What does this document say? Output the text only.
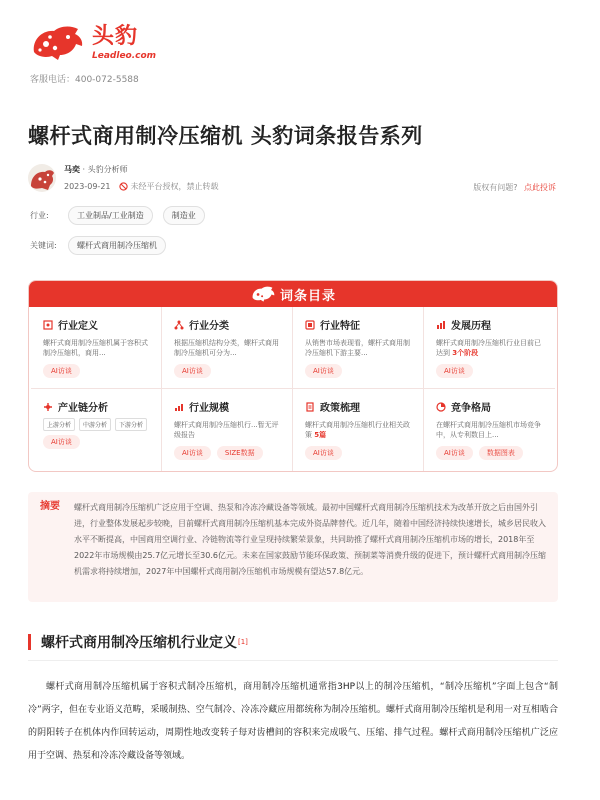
头豹
Leadleo.com
客服电话：400-072-5588
螺杆式商用制冷压缩机 头豹词条报告系列
马奕 · 头豹分析师
2023-09-21	未经平台授权，禁止转载	版权有问题? 点此投诉
行业:	工业制品/工业制造	制造业
关键词:	螺杆式商用制冷压缩机
词条目录
行业定义
螺杆式商用制冷压缩机属于容积式制冷压缩机，商用...
AI访谈
行业分类
根据压缩机结构分类，螺杆式商用制冷压缩机可分为...
AI访谈
行业特征
从销售市场表现看，螺杆式商用制冷压缩机下游主要...
AI访谈
发展历程
螺杆式商用制冷压缩机行业目前已达到 3个阶段
AI访谈
产业链分析
上游分析	中游分析	下游分析
AI访谈
行业规模
螺杆式商用制冷压缩机行...暂无评级报告
AI访谈	SIZE数据
政策梳理
螺杆式商用制冷压缩机行业相关政策 5篇
AI访谈
竞争格局
在螺杆式商用制冷压缩机市场竞争中，从专利数目上...
AI访谈	数据图表
摘要	螺杆式商用制冷压缩机广泛应用于空调、热泵和冷冻冷藏设备等领域。最初中国螺杆式商用制冷压缩机技术为改革开放之后由国外引进，行业整体发展起步较晚，目前螺杆式商用制冷压缩机基本完成外资品牌替代。近几年，随着中国经济持续快速增长，城乡居民收入水平不断提高，中国商用空调行业、冷链物流等行业呈现持续繁荣景象，共同助推了螺杆式商用制冷压缩机市场的增长，2018年至2022年市场规模由25.7亿元增长至30.6亿元。未来在国家鼓励节能环保政策、预制菜等消费升级的促进下，预计螺杆式商用制冷压缩机需求将持续增加，2027年中国螺杆式商用制冷压缩机市场规模有望达57.8亿元。
螺杆式商用制冷压缩机行业定义 [1]
螺杆式商用制冷压缩机属于容积式制冷压缩机，商用制冷压缩机通常指3HP以上的制冷压缩机，“制冷压缩机”字面上包含“制冷”两字，但在专业语义范畴，采暖制热、空气制冷、冷冻冷藏应用都统称为制冷压缩机。螺杆式商用制冷压缩机是利用一对互相啮合的阴阳转子在机体内作回转运动，周期性地改变转子每对齿槽间的容积来完成吸气、压缩、排气过程。螺杆式商用制冷压缩机广泛应用于空调、热泵和冷冻冷藏设备等领域。
